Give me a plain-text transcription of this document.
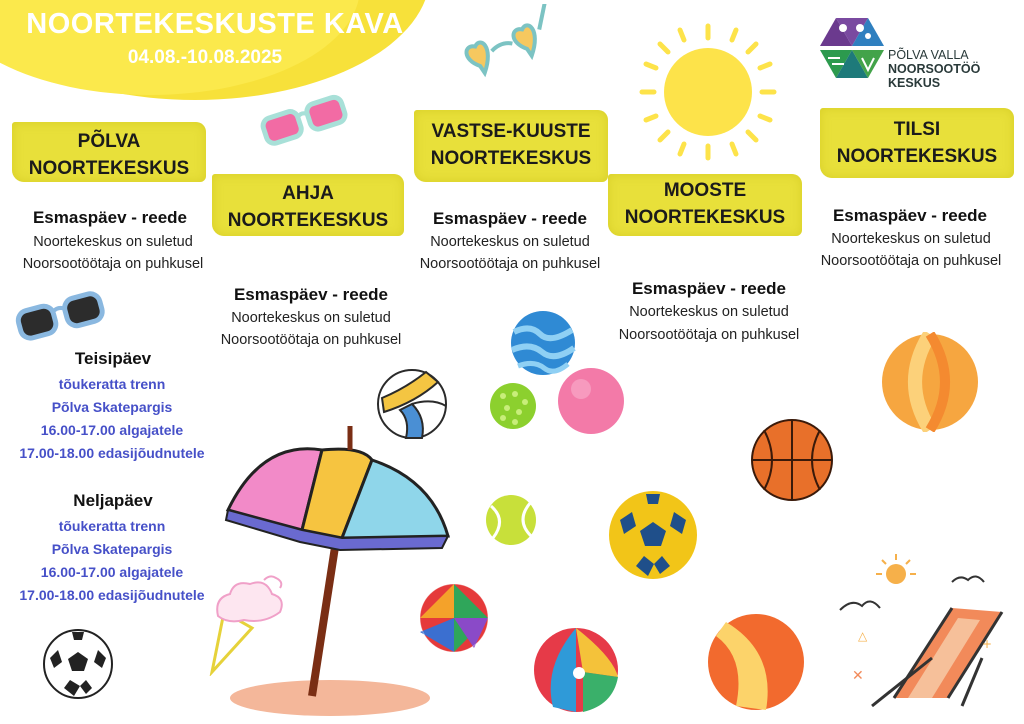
NOORTEKESKUSTE KAVA
04.08.-10.08.2025	PÕLVA VALLA
NOORSOOTÖÖ
KESKUS
PÕLVA
NOORTEKESKUS
Esmaspäev - reede
Noortekeskus on suletud
Noorsootöötaja on puhkusel
Teisipäev
tõukeratta trenn
Põlva Skatepargis
16.00-17.00 algajatele
17.00-18.00 edasijõudnutele
Neljapäev
tõukeratta trenn
Põlva Skatepargis
16.00-17.00 algajatele
17.00-18.00 edasijõudnutele
AHJA
NOORTEKESKUS
Esmaspäev - reede
Noortekeskus on suletud
Noorsootöötaja on puhkusel
VASTSE-KUUSTE
NOORTEKESKUS
Esmaspäev - reede
Noortekeskus on suletud
Noorsootöötaja on puhkusel
MOOSTE
NOORTEKESKUS
Esmaspäev - reede
Noortekeskus on suletud
Noorsootöötaja on puhkusel
TILSI
NOORTEKESKUS
Esmaspäev - reede
Noortekeskus on suletud
Noorsootöötaja on puhkusel
✕
+
△
